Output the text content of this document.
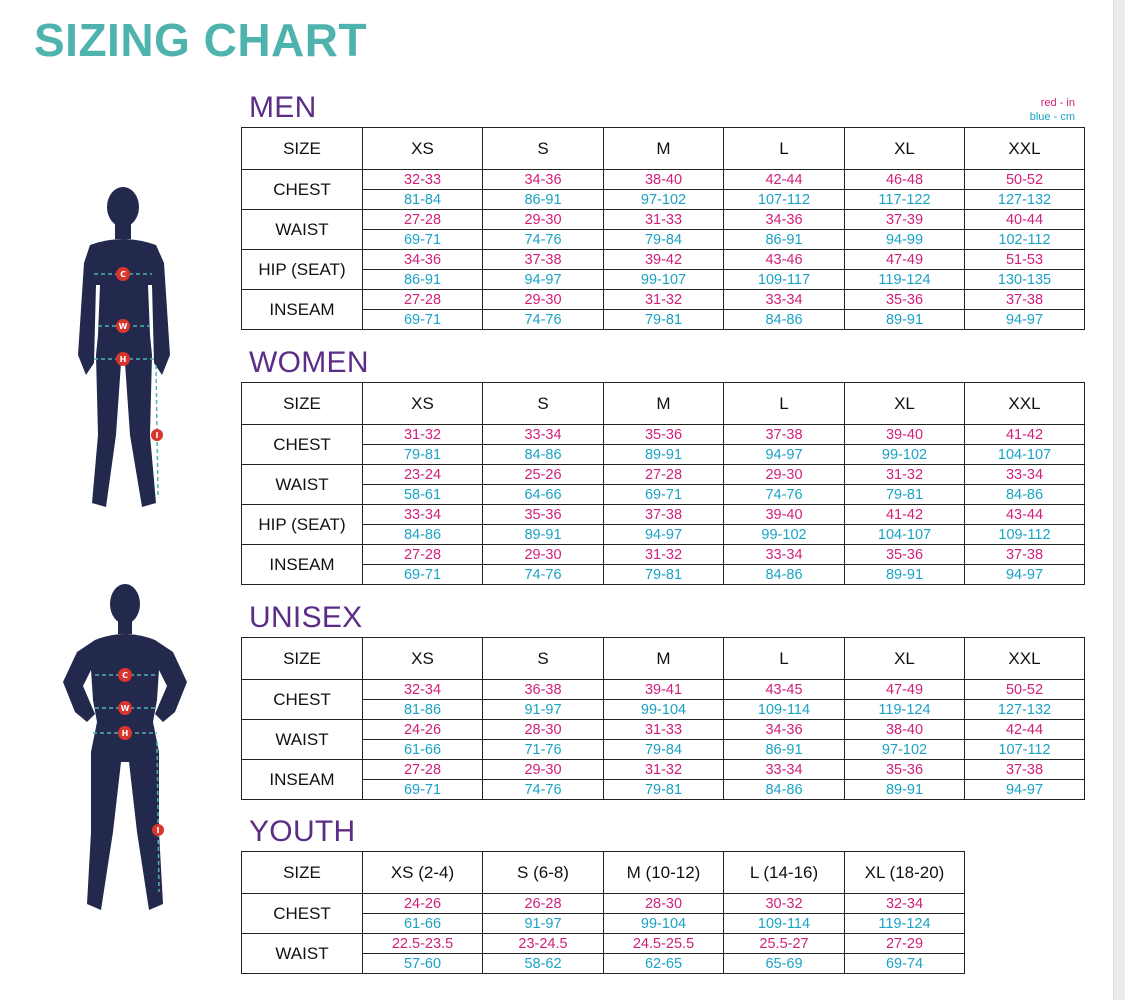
SIZING CHART
red - in
blue - cm
C
W
H
I
C
W
H
I
MEN
WOMEN
UNISEX
YOUTH
SIZE	XS	S	M	L	XL	XXL
CHEST	32-33	34-36	38-40	42-44	46-48	50-52
	81-84	86-91	97-102	107-112	117-122	127-132
WAIST	27-28	29-30	31-33	34-36	37-39	40-44
	69-71	74-76	79-84	86-91	94-99	102-112
HIP (SEAT)	34-36	37-38	39-42	43-46	47-49	51-53
	86-91	94-97	99-107	109-117	119-124	130-135
INSEAM	27-28	29-30	31-32	33-34	35-36	37-38
	69-71	74-76	79-81	84-86	89-91	94-97
SIZE	XS	S	M	L	XL	XXL
CHEST	31-32	33-34	35-36	37-38	39-40	41-42
	79-81	84-86	89-91	94-97	99-102	104-107
WAIST	23-24	25-26	27-28	29-30	31-32	33-34
	58-61	64-66	69-71	74-76	79-81	84-86
HIP (SEAT)	33-34	35-36	37-38	39-40	41-42	43-44
	84-86	89-91	94-97	99-102	104-107	109-112
INSEAM	27-28	29-30	31-32	33-34	35-36	37-38
	69-71	74-76	79-81	84-86	89-91	94-97
SIZE	XS	S	M	L	XL	XXL
CHEST	32-34	36-38	39-41	43-45	47-49	50-52
	81-86	91-97	99-104	109-114	119-124	127-132
WAIST	24-26	28-30	31-33	34-36	38-40	42-44
	61-66	71-76	79-84	86-91	97-102	107-112
INSEAM	27-28	29-30	31-32	33-34	35-36	37-38
	69-71	74-76	79-81	84-86	89-91	94-97
SIZE	XS (2-4)	S (6-8)	M (10-12)	L (14-16)	XL (18-20)
CHEST	24-26	26-28	28-30	30-32	32-34
	61-66	91-97	99-104	109-114	119-124
WAIST	22.5-23.5	23-24.5	24.5-25.5	25.5-27	27-29
	57-60	58-62	62-65	65-69	69-74
